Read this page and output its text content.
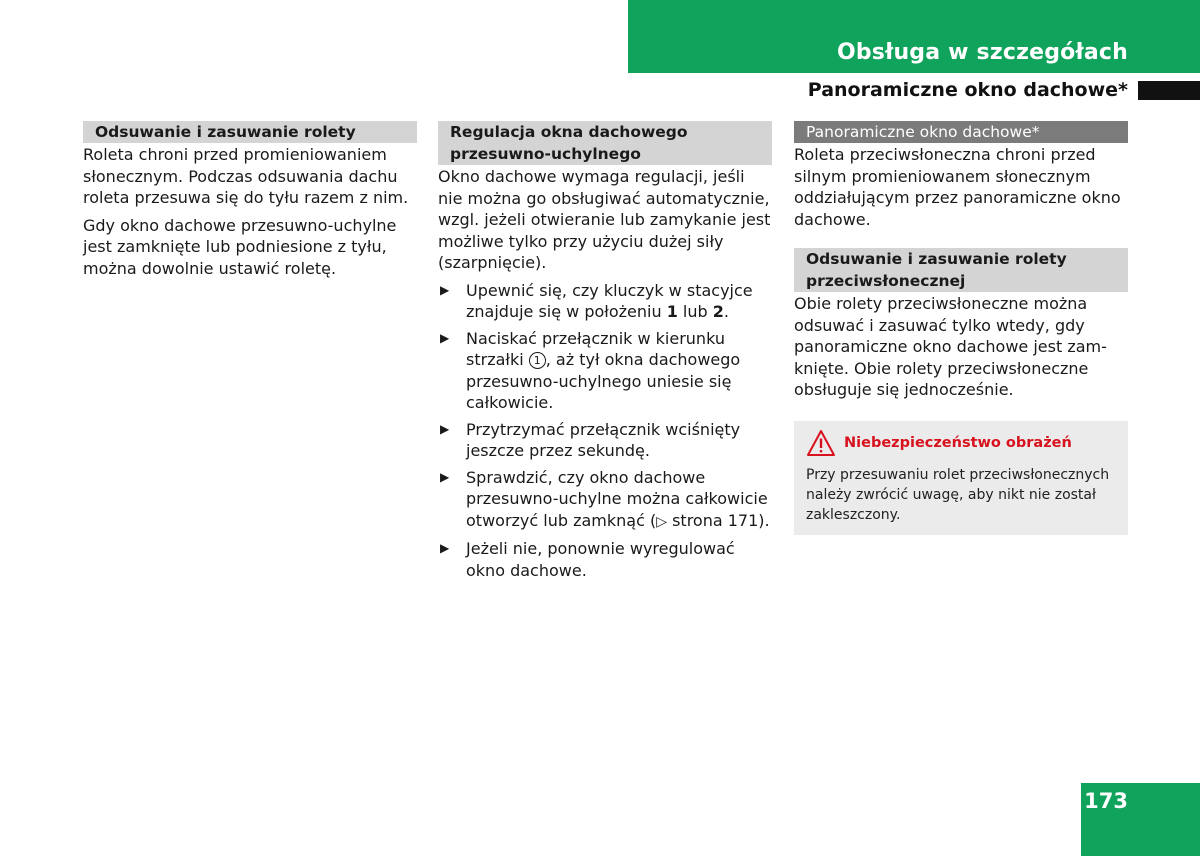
Obsługa w szczegółach
Panoramiczne okno dachowe*
Odsuwanie i zasuwanie rolety

Roleta chroni przed promieniowaniem słonecznym. Podczas odsuwania dachu roleta przesuwa się do tyłu razem z nim.

Gdy okno dachowe przesuwno-uchylne jest zamknięte lub podniesione z tyłu, można dowolnie ustawić roletę.

Regulacja okna dachowego przesuwno-uchylnego

Okno dachowe wymaga regulacji, jeśli nie można go obsługiwać automatycznie, wzgl. jeżeli otwieranie lub zamykanie jest możliwe tylko przy użyciu dużej siły (szarpnięcie).

▶ Upewnić się, czy kluczyk w stacyjce znajduje się w położeniu 1 lub 2.
▶ Naciskać przełącznik w kierunku strzałki 1 , aż tył okna dachowego przesuwno-uchylnego uniesie się całkowicie.
▶ Przytrzymać przełącznik wciśnięty jeszcze przez sekundę.
▶ Sprawdzić, czy okno dachowe przesuwno-uchylne można całkowicie otworzyć lub zamknąć (▷ strona 171).
▶ Jeżeli nie, ponownie wyregulować okno dachowe.
Panoramiczne okno dachowe*

Roleta przeciwsłoneczna chroni przed silnym promieniowanem słonecznym oddziałującym przez panoramiczne okno dachowe.

Odsuwanie i zasuwanie rolety przeciwsłonecznej

Obie rolety przeciwsłoneczne można odsuwać i zasuwać tylko wtedy, gdy panoramiczne okno dachowe jest zam-knięte. Obie rolety przeciwsłoneczne obsługuje się jednocześnie.

Niebezpieczeństwo obrażeń
Przy przesuwaniu rolet przeciwsłonecznych należy zwrócić uwagę, aby nikt nie został zakleszczony.
173
